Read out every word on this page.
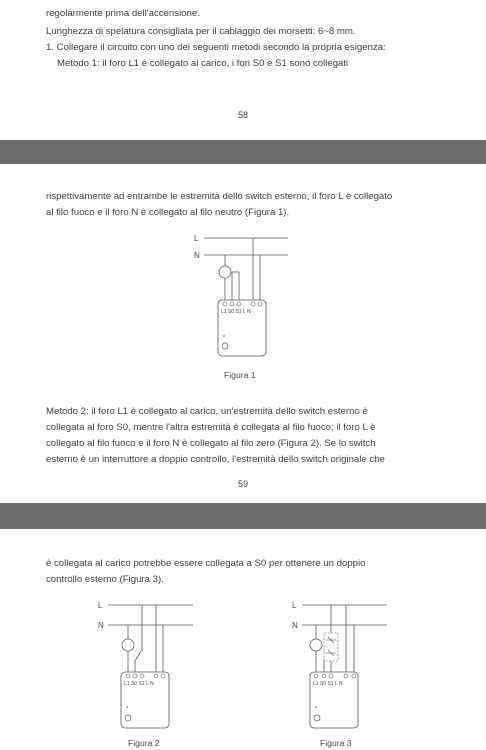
regolarmente prima dell'accensione.

Lunghezza di spelatura consigliata per il cablaggio dei morsetti: 6~8 mm.

1. Collegare il circuito con uno dei seguenti metodi secondo la propria esigenza:

Metodo 1: il foro L1 è collegato al carico, i fori S0 e S1 sono collegati

58

rispettivamente ad entrambe le estremità dello switch esterno, il foro L è collegato

al filo fuoco e il foro N è collegato al filo neutro (Figura 1).

L
N
L1 S0 S1 L N
Figura 1

Metodo 2: il foro L1 è collegato al carico, un'estremità dello switch esterno è

collegata al foro S0, mentre l'altra estremità è collegata al filo fuoco; il foro L è

collegato al filo fuoco e il foro N è collegato al filo zero (Figura 2). Se lo switch

esterno è un interruttore a doppio controllo, l'estremità dello switch originale che

59

è collegata al carico potrebbe essere collegata a S0 per ottenere un doppio

controllo esterno (Figura 3).

L
N
L1 S0 S1 L N
Figura 2
L
N
L1 S0 S1 L N
Figura 3
